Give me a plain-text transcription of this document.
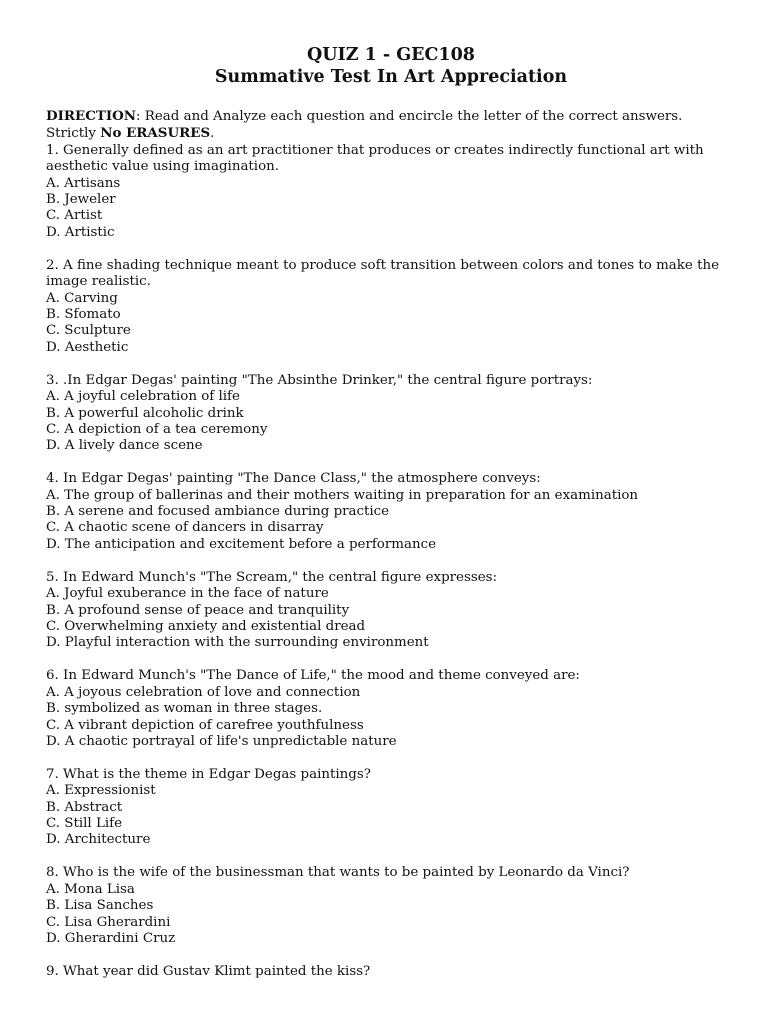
QUIZ 1 - GEC108
Summative Test In Art Appreciation
DIRECTION: Read and Analyze each question and encircle the letter of the correct answers.
Strictly No ERASURES.
1. Generally defined as an art practitioner that produces or creates indirectly functional art with aesthetic value using imagination.
A. Artisans
B. Jeweler
C. Artist
D. Artistic
2. A fine shading technique meant to produce soft transition between colors and tones to make the image realistic.
A. Carving
B. Sfomato
C. Sculpture
D. Aesthetic
3. .In Edgar Degas' painting "The Absinthe Drinker," the central figure portrays:
A. A joyful celebration of life
B. A powerful alcoholic drink
C. A depiction of a tea ceremony
D. A lively dance scene
4. In Edgar Degas' painting "The Dance Class," the atmosphere conveys:
A. The group of ballerinas and their mothers waiting in preparation for an examination
B. A serene and focused ambiance during practice
C. A chaotic scene of dancers in disarray
D. The anticipation and excitement before a performance
5. In Edward Munch's "The Scream," the central figure expresses:
A. Joyful exuberance in the face of nature
B. A profound sense of peace and tranquility
C. Overwhelming anxiety and existential dread
D. Playful interaction with the surrounding environment
6. In Edward Munch's "The Dance of Life," the mood and theme conveyed are:
A. A joyous celebration of love and connection
B. symbolized as woman in three stages.
C. A vibrant depiction of carefree youthfulness
D. A chaotic portrayal of life's unpredictable nature
7. What is the theme in Edgar Degas paintings?
A. Expressionist
B. Abstract
C. Still Life
D. Architecture
8. Who is the wife of the businessman that wants to be painted by Leonardo da Vinci?
A. Mona Lisa
B. Lisa Sanches
C. Lisa Gherardini
D. Gherardini Cruz
9. What year did Gustav Klimt painted the kiss?
